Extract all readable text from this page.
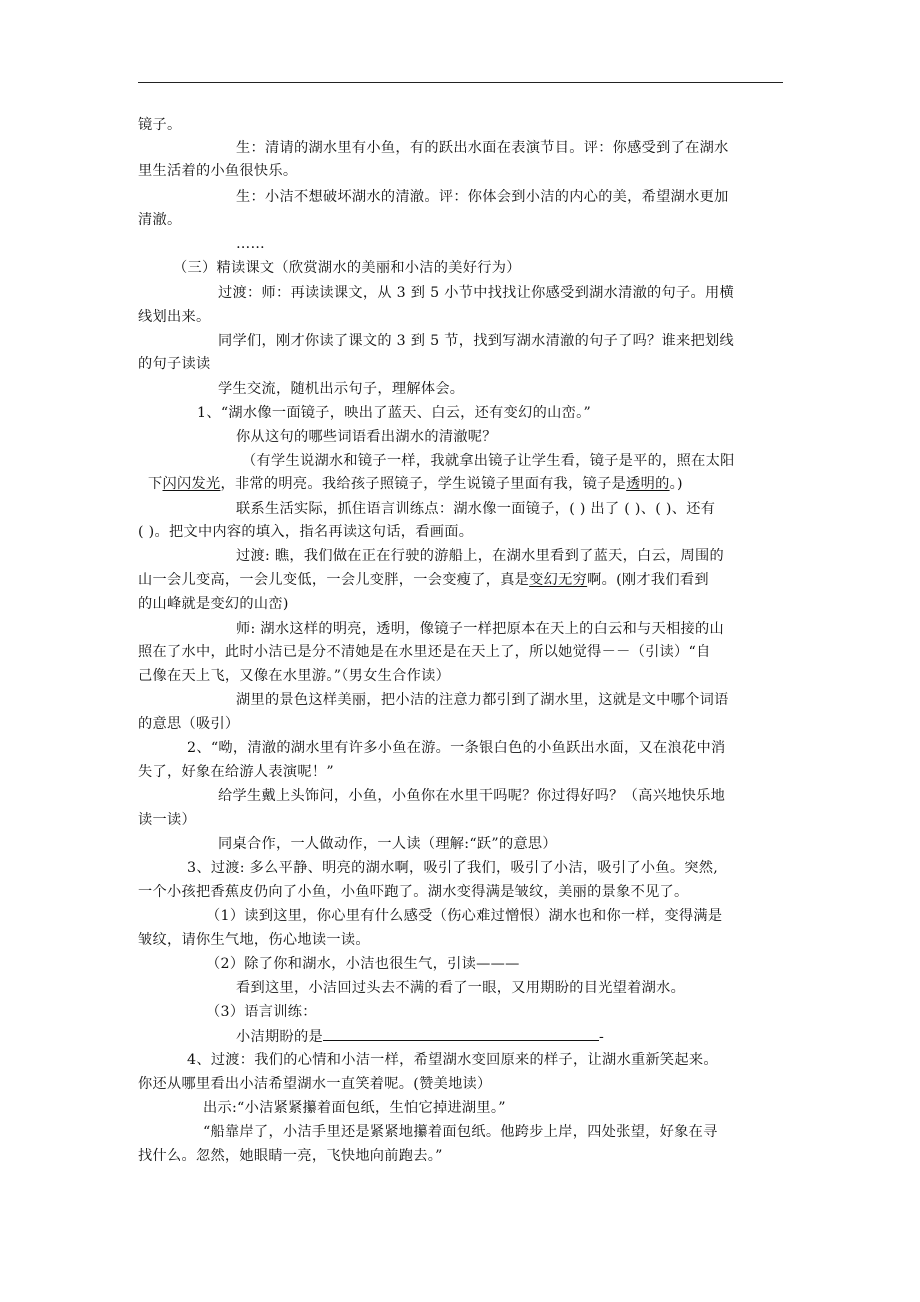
镜子。
生：清请的湖水里有小鱼，有的跃出水面在表演节目。评：你感受到了在湖水
里生活着的小鱼很快乐。
生：小洁不想破坏湖水的清澈。评：你体会到小洁的内心的美，希望湖水更加
清澈。
……
（三）精读课文（欣赏湖水的美丽和小洁的美好行为）
过渡：师：再读读课文，从 3 到 5 小节中找找让你感受到湖水清澈的句子。用横
线划出来。
同学们，刚才你读了课文的 3 到 5 节，找到写湖水清澈的句子了吗？谁来把划线
的句子读读
学生交流，随机出示句子，理解体会。
1、“湖水像一面镜子，映出了蓝天、白云，还有变幻的山峦。”
你从这句的哪些词语看出湖水的清澈呢？
（有学生说湖水和镜子一样，我就拿出镜子让学生看，镜子是平的，照在太阳
下闪闪发光，非常的明亮。我给孩子照镜子，学生说镜子里面有我，镜子是透明的。)
联系生活实际，抓住语言训练点：湖水像一面镜子，( ) 出了 ( )、( )、还有
( )。把文中内容的填入，指名再读这句话，看画面。
过渡: 瞧，我们做在正在行驶的游船上，在湖水里看到了蓝天，白云，周围的
山一会儿变高，一会儿变低，一会儿变胖，一会变瘦了，真是变幻无穷啊。(刚才我们看到
的山峰就是变幻的山峦)
师: 湖水这样的明亮，透明，像镜子一样把原本在天上的白云和与天相接的山
照在了水中，此时小洁已是分不清她是在水里还是在天上了，所以她觉得－－（引读）“自
己像在天上飞，又像在水里游。”（男女生合作读）
湖里的景色这样美丽，把小洁的注意力都引到了湖水里，这就是文中哪个词语
的意思（吸引）
2、“呦，清澈的湖水里有许多小鱼在游。一条银白色的小鱼跃出水面，又在浪花中消
失了，好象在给游人表演呢！”
给学生戴上头饰问，小鱼，小鱼你在水里干吗呢？你过得好吗？（高兴地快乐地
读一读）
同桌合作，一人做动作，一人读（理解:“跃”的意思）
3、过渡: 多么平静、明亮的湖水啊，吸引了我们，吸引了小洁，吸引了小鱼。突然,
一个小孩把香蕉皮仍向了小鱼，小鱼吓跑了。湖水变得满是皱纹，美丽的景象不见了。
（1）读到这里，你心里有什么感受（伤心难过憎恨）湖水也和你一样，变得满是
皱纹，请你生气地，伤心地读一读。
（2）除了你和湖水，小洁也很生气，引读———
看到这里，小洁回过头去不满的看了一眼，又用期盼的目光望着湖水。
（3）语言训练：
小洁期盼的是	-
4、过渡：我们的心情和小洁一样，希望湖水变回原来的样子，让湖水重新笑起来。
你还从哪里看出小洁希望湖水一直笑着呢。(赞美地读）
出示:“小洁紧紧攥着面包纸，生怕它掉进湖里。”
“船靠岸了，小洁手里还是紧紧地攥着面包纸。他跨步上岸，四处张望，好象在寻
找什么。忽然，她眼睛一亮，飞快地向前跑去。”
